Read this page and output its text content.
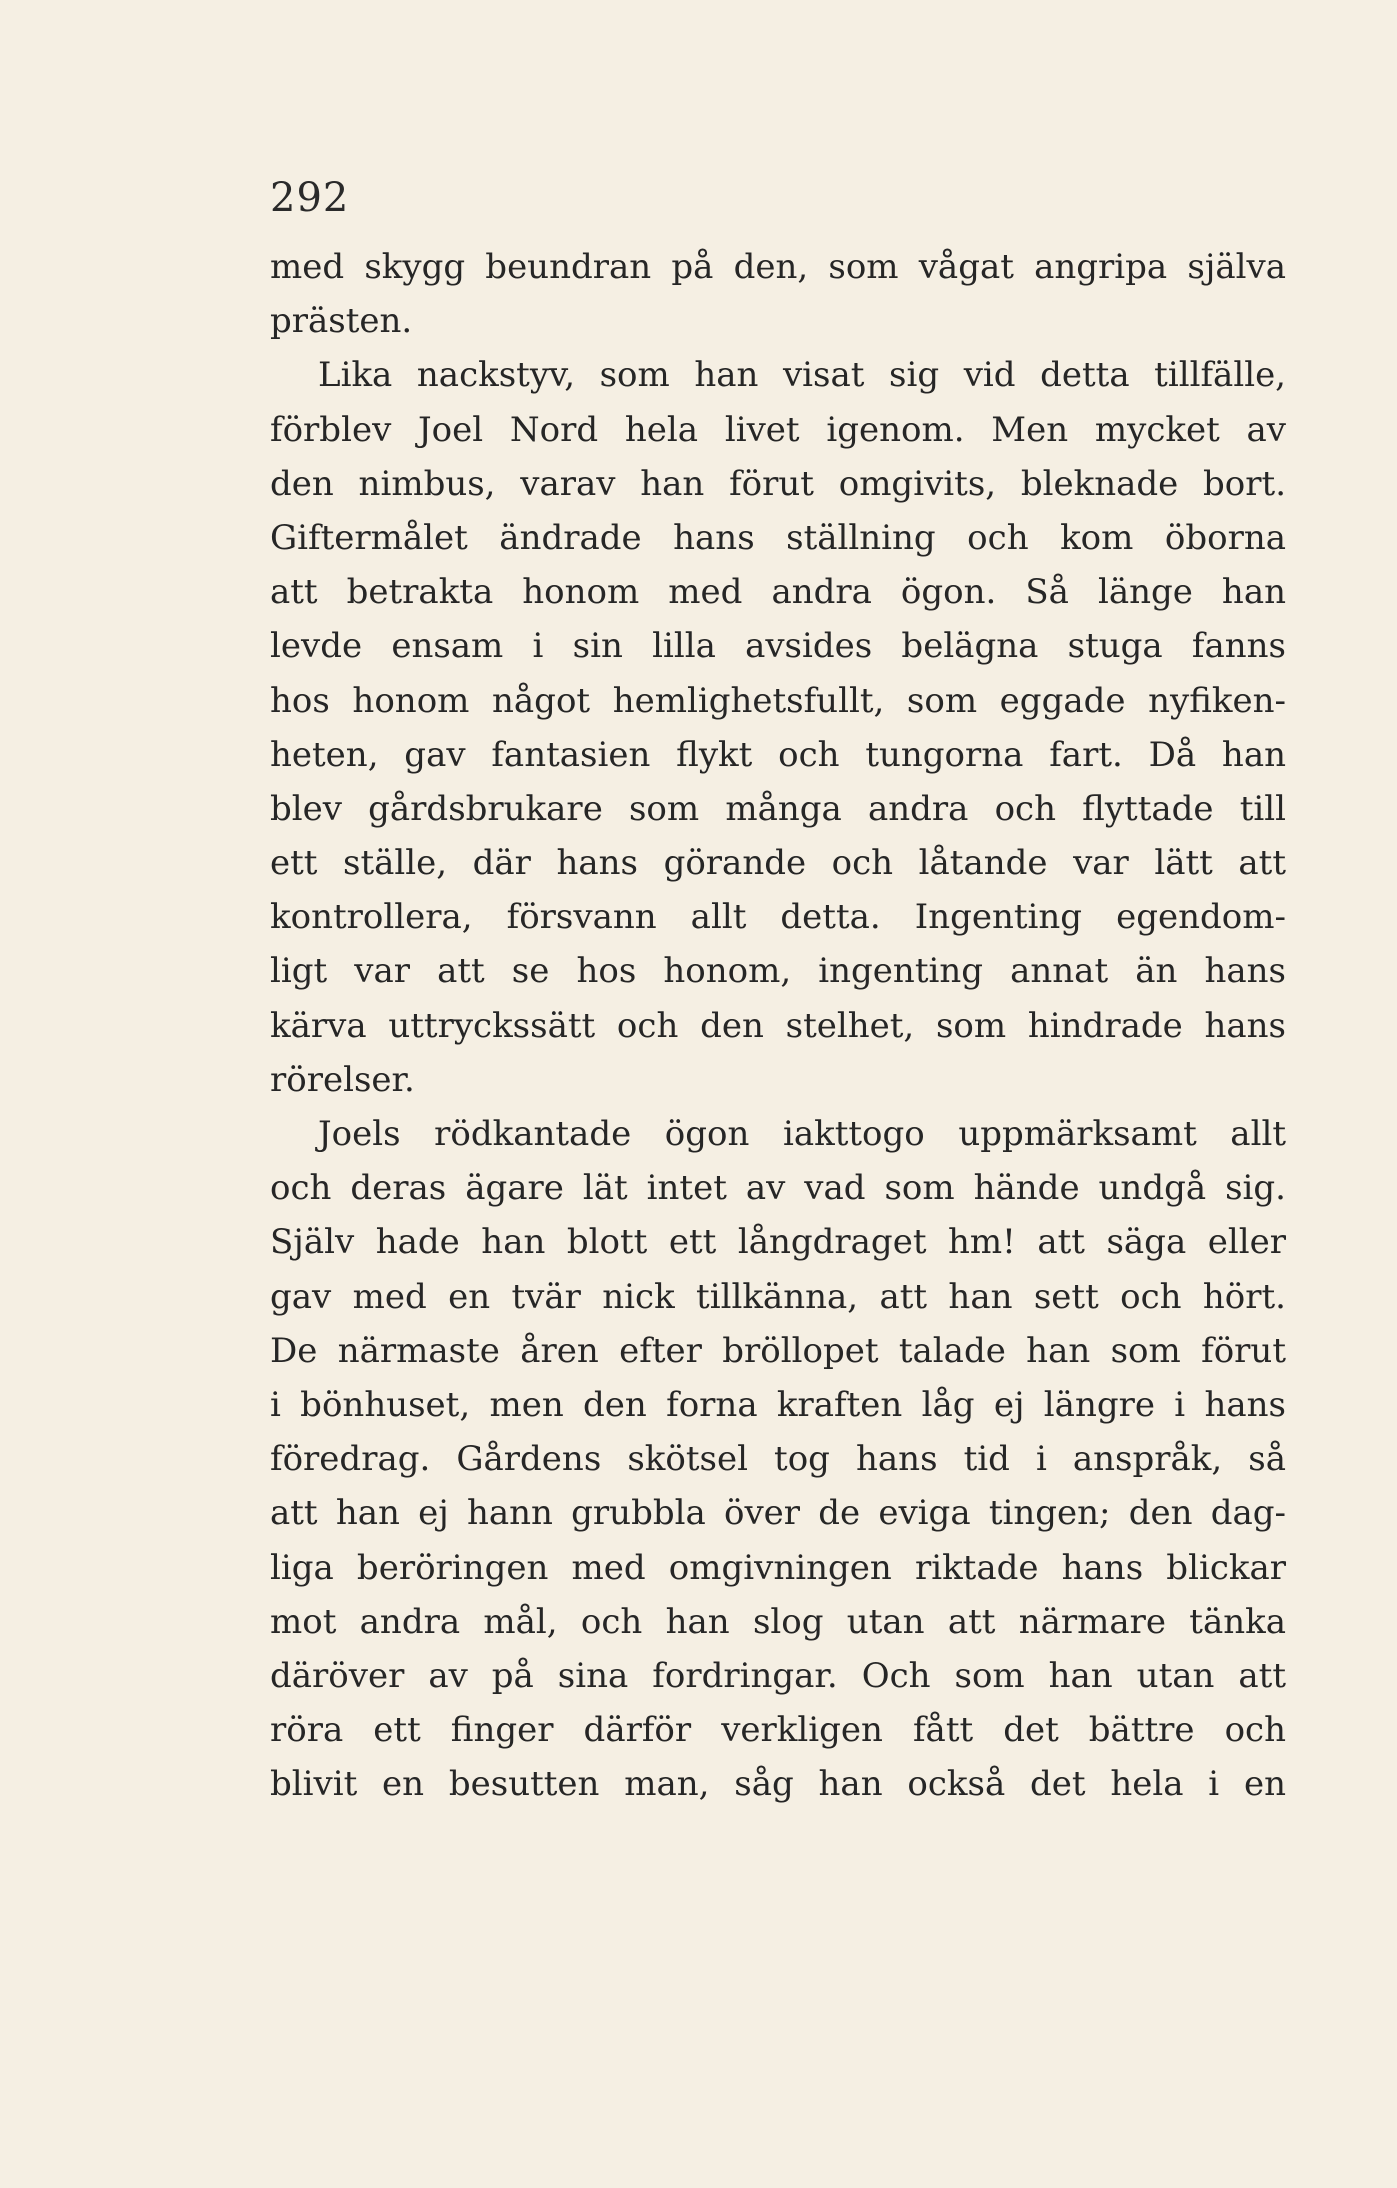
292
med skygg beundran på den, som vågat angripa själva
prästen.
Lika nackstyv, som han visat sig vid detta tillfälle,
förblev Joel Nord hela livet igenom. Men mycket av
den nimbus, varav han förut omgivits, bleknade bort.
Giftermålet ändrade hans ställning och kom öborna
att betrakta honom med andra ögon. Så länge han
levde ensam i sin lilla avsides belägna stuga fanns
hos honom något hemlighetsfullt, som eggade nyfiken-
heten, gav fantasien flykt och tungorna fart. Då han
blev gårdsbrukare som många andra och flyttade till
ett ställe, där hans görande och låtande var lätt att
kontrollera, försvann allt detta. Ingenting egendom-
ligt var att se hos honom, ingenting annat än hans
kärva uttryckssätt och den stelhet, som hindrade hans
rörelser.
Joels rödkantade ögon iakttogo uppmärksamt allt
och deras ägare lät intet av vad som hände undgå sig.
Själv hade han blott ett långdraget hm! att säga eller
gav med en tvär nick tillkänna, att han sett och hört.
De närmaste åren efter bröllopet talade han som förut
i bönhuset, men den forna kraften låg ej längre i hans
föredrag. Gårdens skötsel tog hans tid i anspråk, så
att han ej hann grubbla över de eviga tingen; den dag-
liga beröringen med omgivningen riktade hans blickar
mot andra mål, och han slog utan att närmare tänka
däröver av på sina fordringar. Och som han utan att
röra ett finger därför verkligen fått det bättre och
blivit en besutten man, såg han också det hela i en
